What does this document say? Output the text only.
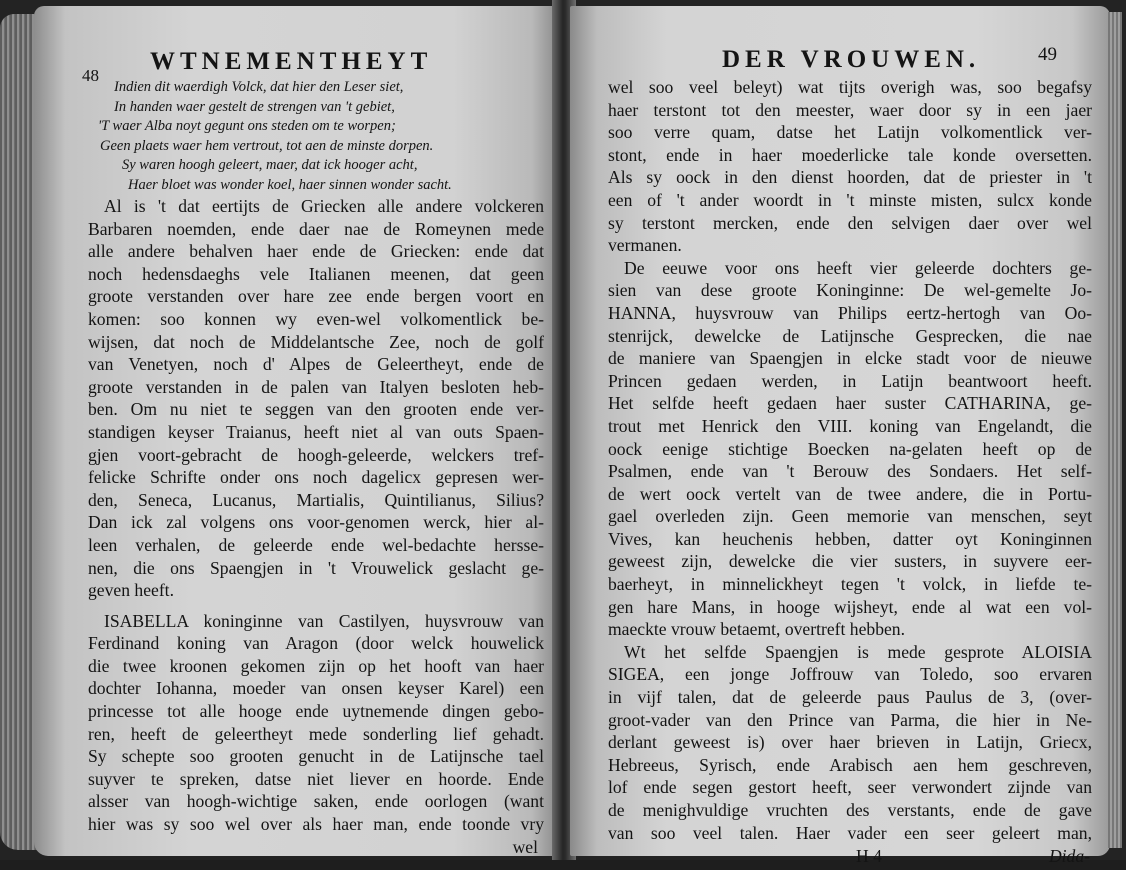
48
WTNEMENTHEYT
Indien dit waerdigh Volck, dat hier den Leser siet,
In handen waer gestelt de strengen van 't gebiet,
'T waer Alba noyt gegunt ons steden om te worpen;
Geen plaets waer hem vertrout, tot aen de minste dorpen.
Sy waren hoogh geleert, maer, dat ick hooger acht,
Haer bloet was wonder koel, haer sinnen wonder sacht.
Al is 't dat eertijts de Griecken alle andere volckeren
Barbaren noemden, ende daer nae de Romeynen mede
alle andere behalven haer ende de Griecken: ende dat
noch hedensdaeghs vele Italianen meenen, dat geen
groote verstanden over hare zee ende bergen voort en
komen: soo konnen wy even-wel volkomentlick be-
wijsen, dat noch de Middelantsche Zee, noch de golf
van Venetyen, noch d' Alpes de Geleertheyt, ende de
groote verstanden in de palen van Italyen besloten heb-
ben. Om nu niet te seggen van den grooten ende ver-
standigen keyser Traianus, heeft niet al van outs Spaen-
gjen voort-gebracht de hoogh-geleerde, welckers tref-
felicke Schrifte onder ons noch dagelicx gepresen wer-
den, Seneca, Lucanus, Martialis, Quintilianus, Silius?
Dan ick zal volgens ons voor-genomen werck, hier al-
leen verhalen, de geleerde ende wel-bedachte hersse-
nen, die ons Spaengjen in 't Vrouwelick geslacht ge-
geven heeft.
ISABELLA koninginne van Castilyen, huysvrouw van
Ferdinand koning van Aragon (door welck houwelick
die twee kroonen gekomen zijn op het hooft van haer
dochter Iohanna, moeder van onsen keyser Karel) een
princesse tot alle hooge ende uytnemende dingen gebo-
ren, heeft de geleertheyt mede sonderling lief gehadt.
Sy schepte soo grooten genucht in de Latijnsche tael
suyver te spreken, datse niet liever en hoorde. Ende
alsser van hoogh-wichtige saken, ende oorlogen (want
hier was sy soo wel over als haer man, ende toonde vry
wel
DER VROUWEN.	49
wel soo veel beleyt) wat tijts overigh was, soo begafsy
haer terstont tot den meester, waer door sy in een jaer
soo verre quam, datse het Latijn volkomentlick ver-
stont, ende in haer moederlicke tale konde oversetten.
Als sy oock in den dienst hoorden, dat de priester in 't
een of 't ander woordt in 't minste misten, sulcx konde
sy terstont mercken, ende den selvigen daer over wel
vermanen.
De eeuwe voor ons heeft vier geleerde dochters ge-
sien van dese groote Koninginne: De wel-gemelte Jo-
HANNA, huysvrouw van Philips eertz-hertogh van Oo-
stenrijck, dewelcke de Latijnsche Gesprecken, die nae
de maniere van Spaengjen in elcke stadt voor de nieuwe
Princen gedaen werden, in Latijn beantwoort heeft.
Het selfde heeft gedaen haer suster CATHARINA, ge-
trout met Henrick den VIII. koning van Engelandt, die
oock eenige stichtige Boecken na-gelaten heeft op de
Psalmen, ende van 't Berouw des Sondaers. Het self-
de wert oock vertelt van de twee andere, die in Portu-
gael overleden zijn. Geen memorie van menschen, seyt
Vives, kan heuchenis hebben, datter oyt Koninginnen
geweest zijn, dewelcke die vier susters, in suyvere eer-
baerheyt, in minnelickheyt tegen 't volck, in liefde te-
gen hare Mans, in hooge wijsheyt, ende al wat een vol-
maeckte vrouw betaemt, overtreft hebben.
Wt het selfde Spaengjen is mede gesprote ALOISIA
SIGEA, een jonge Joffrouw van Toledo, soo ervaren
in vijf talen, dat de geleerde paus Paulus de 3, (over-
groot-vader van den Prince van Parma, die hier in Ne-
derlant geweest is) over haer brieven in Latijn, Griecx,
Hebreeus, Syrisch, ende Arabisch aen hem geschreven,
lof ende segen gestort heeft, seer verwondert zijnde van
de menighvuldige vruchten des verstants, ende de gave
van soo veel talen. Haer vader een seer geleert man,
H 4	Dida-
